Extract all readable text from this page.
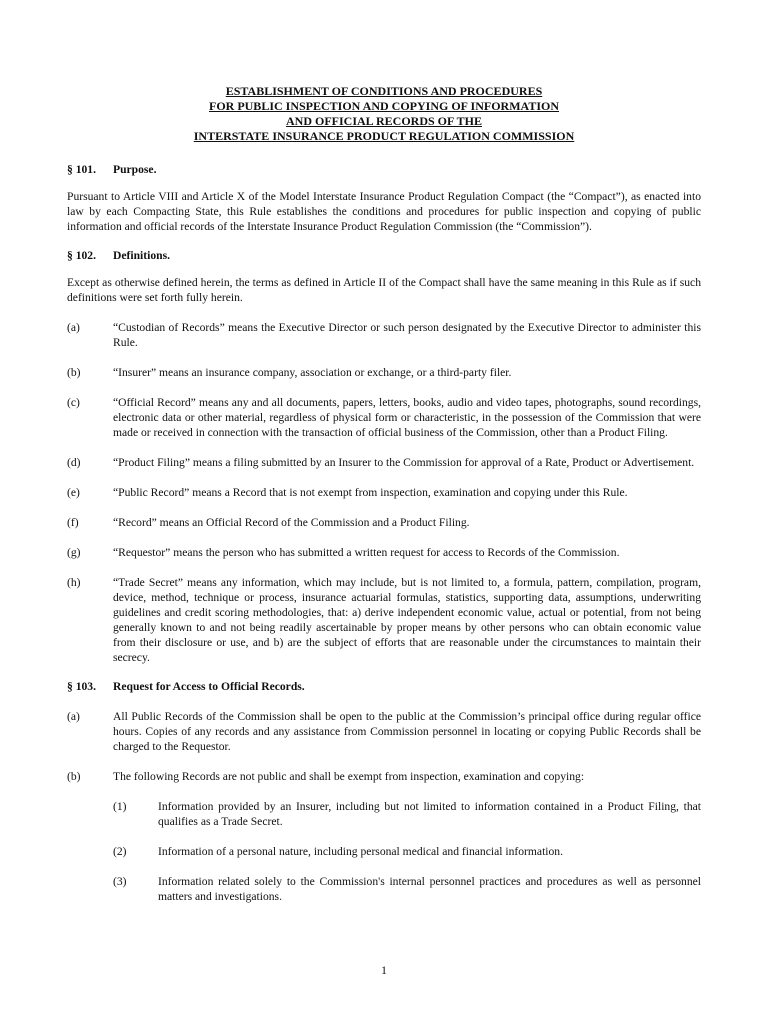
ESTABLISHMENT OF CONDITIONS AND PROCEDURES
FOR PUBLIC INSPECTION AND COPYING OF INFORMATION
AND OFFICIAL RECORDS OF THE
INTERSTATE INSURANCE PRODUCT REGULATION COMMISSION
§ 101.	Purpose.

Pursuant to Article VIII and Article X of the Model Interstate Insurance Product Regulation Compact (the “Compact”), as enacted into law by each Compacting State, this Rule establishes the conditions and procedures for public inspection and copying of public information and official records of the Interstate Insurance Product Regulation Commission (the “Commission”).

§ 102.	Definitions.

Except as otherwise defined herein, the terms as defined in Article II of the Compact shall have the same meaning in this Rule as if such definitions were set forth fully herein.

(a)	“Custodian of Records” means the Executive Director or such person designated by the Executive Director to administer this Rule.
(b)	“Insurer” means an insurance company, association or exchange, or a third-party filer.
(c)	“Official Record” means any and all documents, papers, letters, books, audio and video tapes, photographs, sound recordings, electronic data or other material, regardless of physical form or characteristic, in the possession of the Commission that were made or received in connection with the transaction of official business of the Commission, other than a Product Filing.
(d)	“Product Filing” means a filing submitted by an Insurer to the Commission for approval of a Rate, Product or Advertisement.
(e)	“Public Record” means a Record that is not exempt from inspection, examination and copying under this Rule.
(f)	“Record” means an Official Record of the Commission and a Product Filing.
(g)	“Requestor” means the person who has submitted a written request for access to Records of the Commission.
(h)	“Trade Secret” means any information, which may include, but is not limited to, a formula, pattern, compilation, program, device, method, technique or process, insurance actuarial formulas, statistics, supporting data, assumptions, underwriting guidelines and credit scoring methodologies, that: a) derive independent economic value, actual or potential, from not being generally known to and not being readily ascertainable by proper means by other persons who can obtain economic value from their disclosure or use, and b) are the subject of efforts that are reasonable under the circumstances to maintain their secrecy.
§ 103.	Request for Access to Official Records.
(a)	All Public Records of the Commission shall be open to the public at the Commission’s principal office during regular office hours. Copies of any records and any assistance from Commission personnel in locating or copying Public Records shall be charged to the Requestor.
(b)	The following Records are not public and shall be exempt from inspection, examination and copying:
(1)	Information provided by an Insurer, including but not limited to information contained in a Product Filing, that qualifies as a Trade Secret.
(2)	Information of a personal nature, including personal medical and financial information.
(3)	Information related solely to the Commission's internal personnel practices and procedures as well as personnel matters and investigations.
1
